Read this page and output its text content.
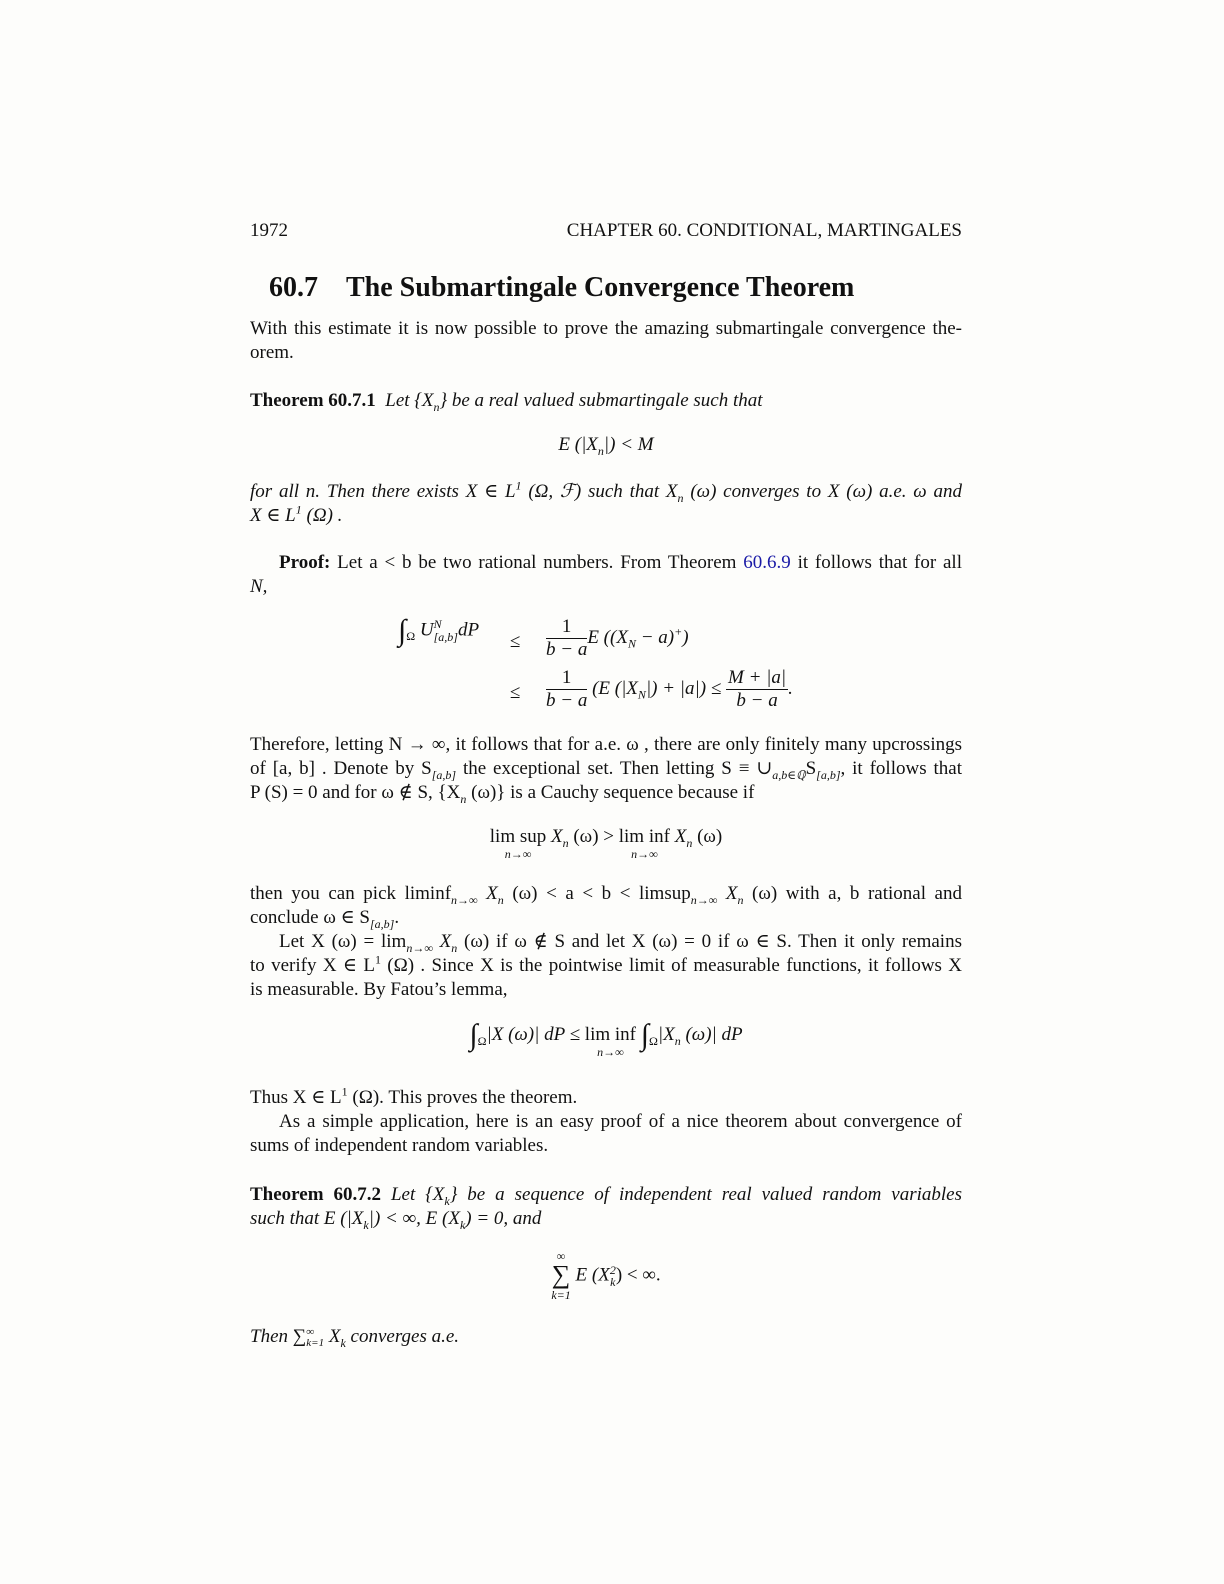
1972	CHAPTER 60. CONDITIONAL, MARTINGALES
60.7 The Submartingale Convergence Theorem
With this estimate it is now possible to prove the amazing submartingale convergence the-
orem.
Theorem 60.7.1 Let $\{X_n\}$ be a real valued submartingale such that
E $(|X_n|) < M$
for all n. Then there exists X ∈ $L^1$ (Ω, ℱ) such that $X_n$ (ω) converges to X (ω) a.e. ω and
X ∈ $L^1$ (Ω) .
Proof: Let a < b be two rational numbers. From Theorem 60.6.9 it follows that for all
N,
$\int_\Omega$ U N
[a,b] dP
≤ $\frac{1}{b - a}$ E $((X_N - a)^+)$
≤ $\frac{1}{b - a} (E$ $(|X_N|) + |a|) \le \frac{M + |a|}{b - a}$ .
Therefore, letting N → ∞, it follows that for a.e. ω , there are only finitely many upcrossings
of [a, b] . Denote by $S_{[a,b]}$ the exceptional set. Then letting $S \equiv \cup_{a,b\in ℚ}S_{[a,b]}$, it follows that
P (S) = 0 and for ω ∉ S, {$X_n$ (ω)} is a Cauchy sequence because if
lim sup
n→∞
$X_n$ (ω) > lim inf
n→∞
$X_n$ (ω)
then you can pick liminf$_{n\to\infty}$ $X_n$ (ω) < a < b < limsup$_{n\to\infty}$ $X_n$ (ω) with a, b rational and
conclude ω ∈ $S_{[a,b]}$.
Let X $(\omega) = \lim_{n\to\infty} X_n$ (ω) if ω ∉ S and let X (ω) = 0 if ω ∈ S. Then it only remains
to verify X ∈ $L^1$ (Ω) . Since X is the pointwise limit of measurable functions, it follows X
is measurable. By Fatou’s lemma,
$\int_\Omega|X$ (ω)| dP ≤ lim inf
n→∞
$\int_\Omega|X_n$ (ω)| dP
Thus X ∈ $L^1$ (Ω). This proves the theorem.
As a simple application, here is an easy proof of a nice theorem about convergence of
sums of independent random variables.
Theorem 60.7.2 Let $\{X_k\}$ be a sequence of independent real valued random variables
such that E $(|X_k|)$ < ∞, E $(X_k) = 0$, and
∞
∑
k=1
E (X 2
k ) < ∞.
Then ∑ ∞
k=1 $X_k$ converges a.e.
